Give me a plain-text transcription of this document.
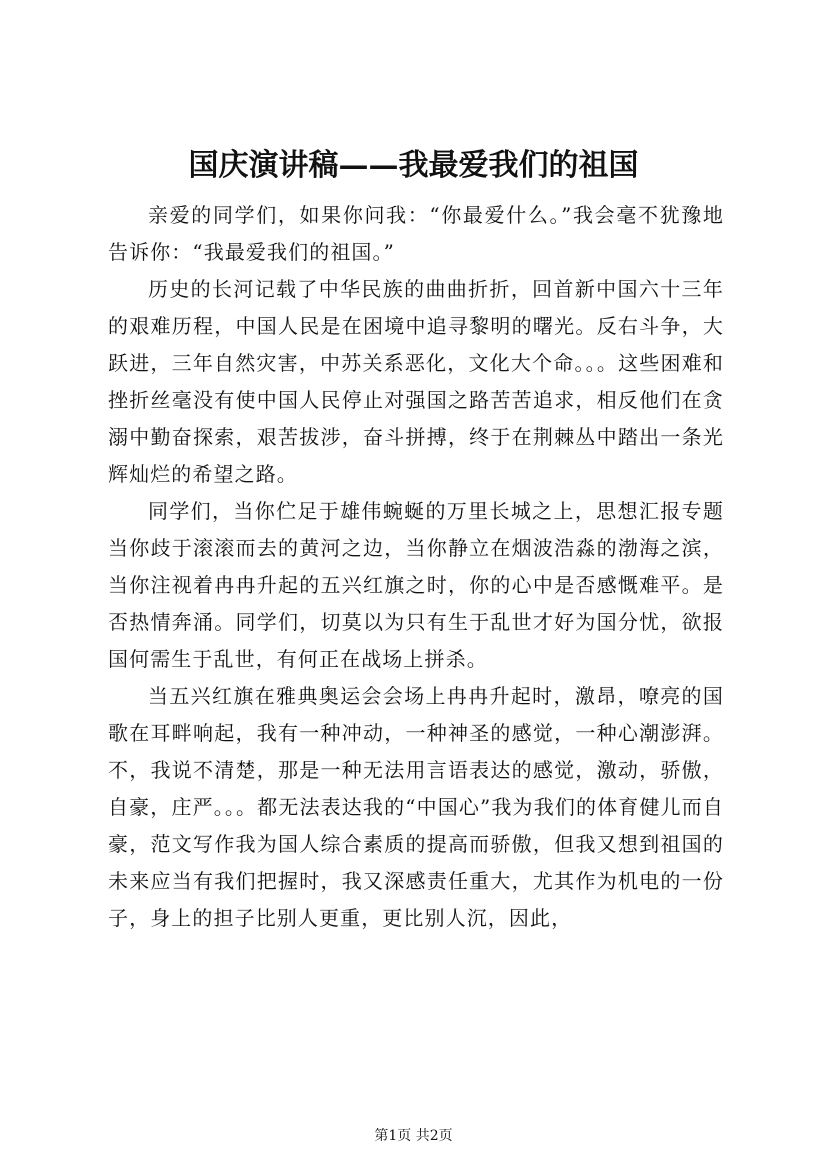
国庆演讲稿——我最爱我们的祖国

亲爱的同学们，如果你问我：“你最爱什么。”我会毫不犹豫地告诉你：“我最爱我们的祖国。”

历史的长河记载了中华民族的曲曲折折，回首新中国六十三年的艰难历程，中国人民是在困境中追寻黎明的曙光。反右斗争，大跃进，三年自然灾害，中苏关系恶化，文化大个命。。。这些困难和挫折丝毫没有使中国人民停止对强国之路苦苦追求，相反他们在贪溺中勤奋探索，艰苦拔涉，奋斗拼搏，终于在荆棘丛中踏出一条光辉灿烂的希望之路。

同学们，当你伫足于雄伟蜿蜒的万里长城之上，思想汇报专题当你歧于滚滚而去的黄河之边，当你静立在烟波浩淼的渤海之滨，当你注视着冉冉升起的五兴红旗之时，你的心中是否感慨难平。是否热情奔涌。同学们，切莫以为只有生于乱世才好为国分忧，欲报国何需生于乱世，有何正在战场上拼杀。

当五兴红旗在雅典奥运会会场上冉冉升起时，激昂，嘹亮的国歌在耳畔响起，我有一种冲动，一种神圣的感觉，一种心潮澎湃。不，我说不清楚，那是一种无法用言语表达的感觉，激动，骄傲，自豪，庄严。。。都无法表达我的“中国心”我为我们的体育健儿而自豪，范文写作我为国人综合素质的提高而骄傲，但我又想到祖国的未来应当有我们把握时，我又深感责任重大，尤其作为机电的一份子，身上的担子比别人更重，更比别人沉，因此，

第1页 共2页
